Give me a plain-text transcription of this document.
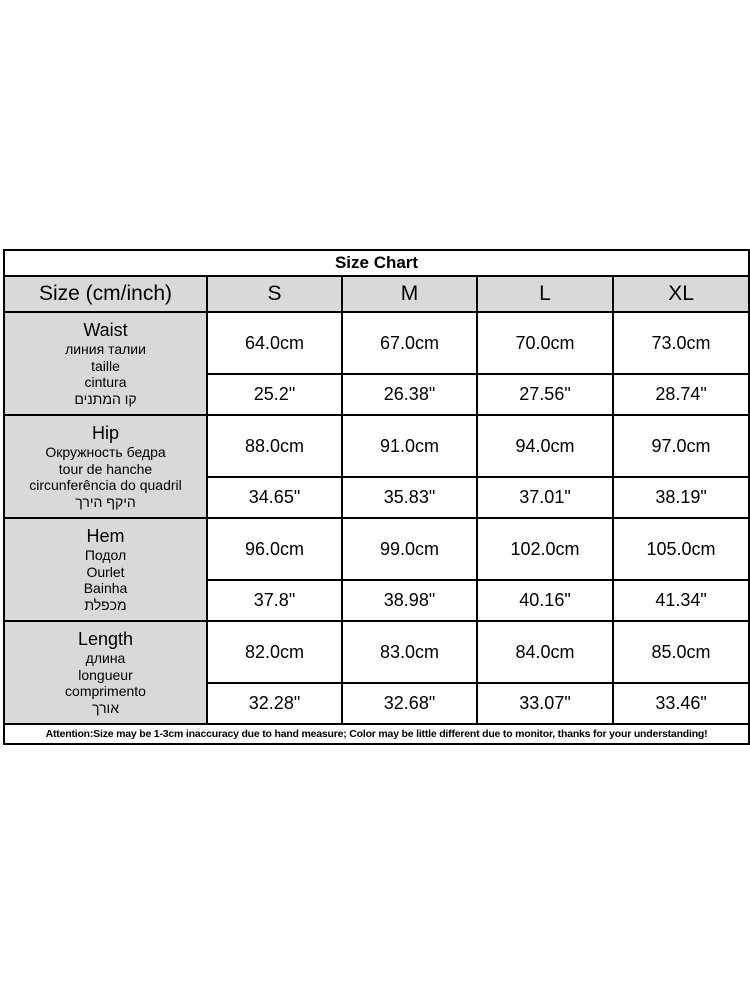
Size Chart				
Size (cm/inch)	S	M	L	XL

Waist
линия талии
taille
cintura
קו המתנים	64.0cm	67.0cm	70.0cm	73.0cm
	25.2"	26.38"	27.56"	28.74"

Hip
Окружность бедра
tour de hanche
circunferência do quadril
היקף הירך	88.0cm	91.0cm	94.0cm	97.0cm
	34.65"	35.83"	37.01"	38.19"

Hem
Подол
Ourlet
Bainha
מכפלת	96.0cm	99.0cm	102.0cm	105.0cm
	37.8"	38.98"	40.16"	41.34"

Length
длина
longueur
comprimento
אורך	82.0cm	83.0cm	84.0cm	85.0cm
	32.28"	32.68"	33.07"	33.46"
Attention:Size may be 1-3cm inaccuracy due to hand measure; Color may be little different due to monitor, thanks for your understanding!				
